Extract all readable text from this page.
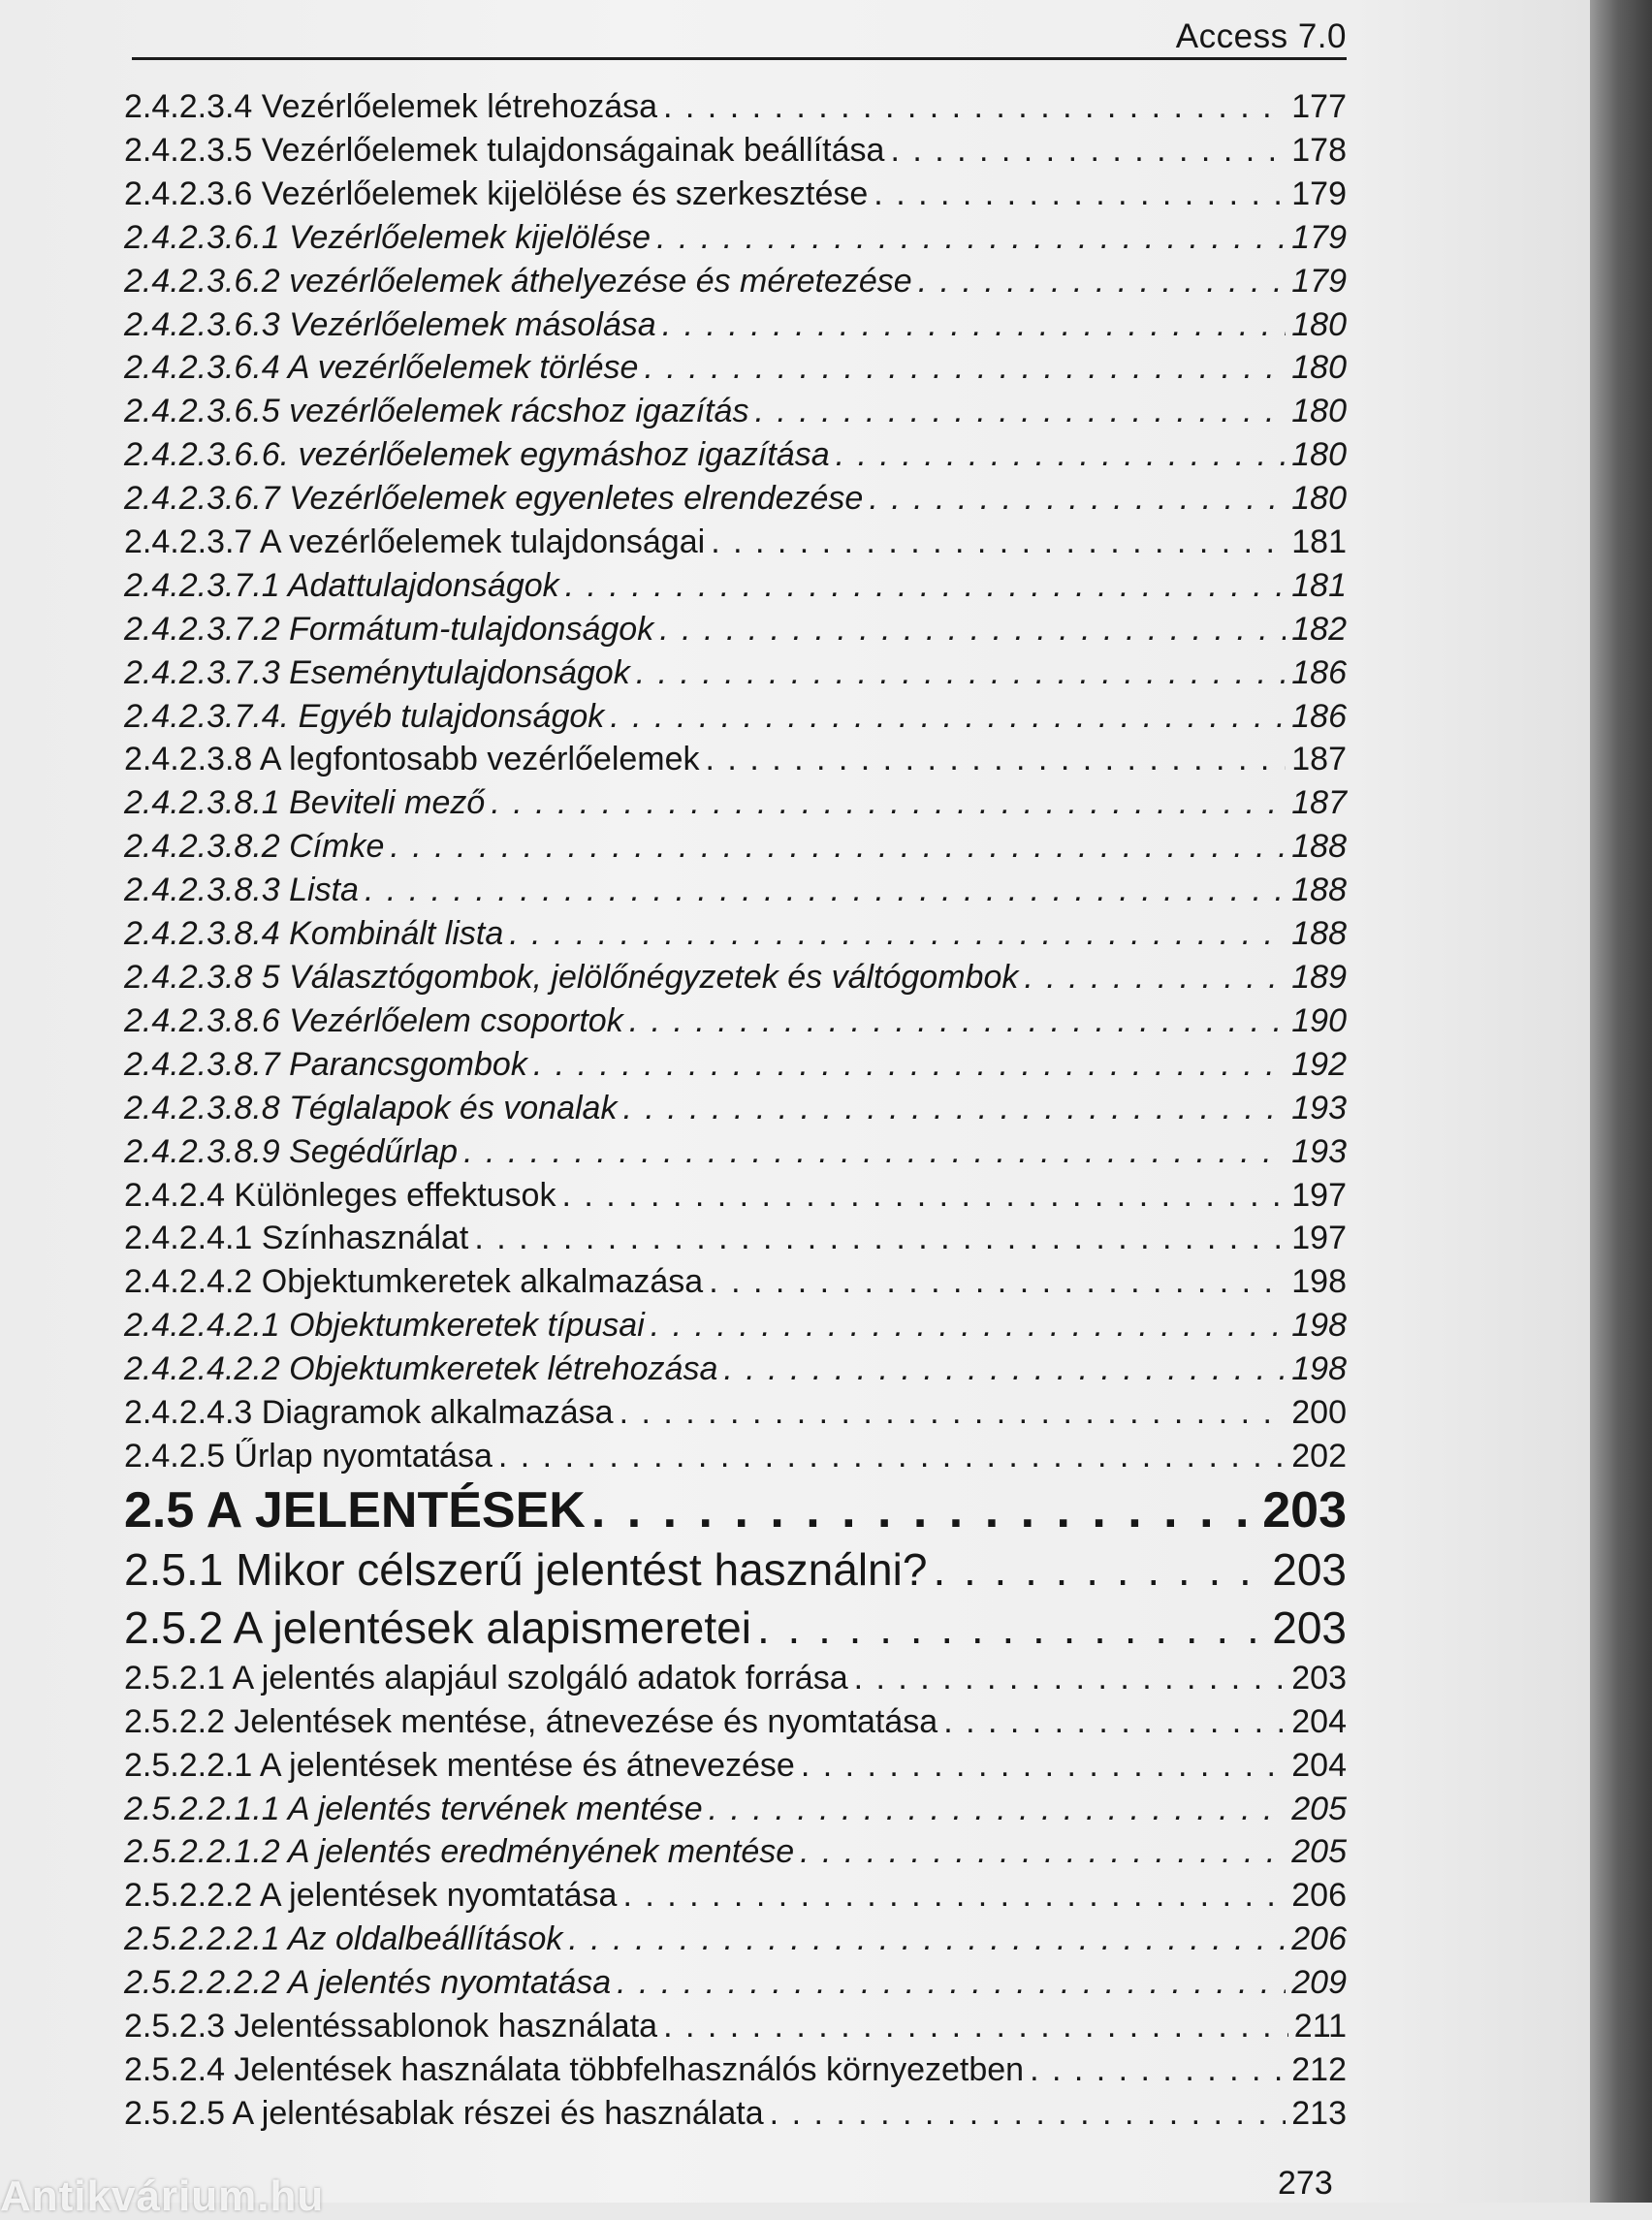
Access 7.0
2.4.2.3.4 Vezérlőelemek létrehozása . . .	177
2.4.2.3.5 Vezérlőelemek tulajdonságainak beállítása . . .	178
2.4.2.3.6 Vezérlőelemek kijelölése és szerkesztése . . .	179
2.4.2.3.6.1 Vezérlőelemek kijelölése . . .	179
2.4.2.3.6.2 vezérlőelemek áthelyezése és méretezése . . .	179
2.4.2.3.6.3 Vezérlőelemek másolása . . .	180
2.4.2.3.6.4 A vezérlőelemek törlése . . .	180
2.4.2.3.6.5 vezérlőelemek rácshoz igazítás . . .	180
2.4.2.3.6.6. vezérlőelemek egymáshoz igazítása . . .	180
2.4.2.3.6.7 Vezérlőelemek egyenletes elrendezése . . .	180
2.4.2.3.7 A vezérlőelemek tulajdonságai . . .	181
2.4.2.3.7.1 Adattulajdonságok . . .	181
2.4.2.3.7.2 Formátum-tulajdonságok . . .	182
2.4.2.3.7.3 Eseménytulajdonságok . . .	186
2.4.2.3.7.4. Egyéb tulajdonságok . . .	186
2.4.2.3.8 A legfontosabb vezérlőelemek . . .	187
2.4.2.3.8.1 Beviteli mező . . .	187
2.4.2.3.8.2 Címke . . .	188
2.4.2.3.8.3 Lista . . .	188
2.4.2.3.8.4 Kombinált lista . . .	188
2.4.2.3.8 5 Választógombok, jelölőnégyzetek és váltógombok . . .	189
2.4.2.3.8.6 Vezérlőelem csoportok . . .	190
2.4.2.3.8.7 Parancsgombok . . .	192
2.4.2.3.8.8 Téglalapok és vonalak . . .	193
2.4.2.3.8.9 Segédűrlap . . .	193
2.4.2.4 Különleges effektusok . . .	197
2.4.2.4.1 Színhasználat . . .	197
2.4.2.4.2 Objektumkeretek alkalmazása . . .	198
2.4.2.4.2.1 Objektumkeretek típusai . . .	198
2.4.2.4.2.2 Objektumkeretek létrehozása . . .	198
2.4.2.4.3 Diagramok alkalmazása . . .	200
2.4.2.5 Űrlap nyomtatása . . .	202
2.5 A JELENTÉSEK . . .	203
2.5.1 Mikor célszerű jelentést használni? . . .	203
2.5.2 A jelentések alapismeretei . . .	203
2.5.2.1 A jelentés alapjául szolgáló adatok forrása . . .	203
2.5.2.2 Jelentések mentése, átnevezése és nyomtatása . . .	204
2.5.2.2.1 A jelentések mentése és átnevezése . . .	204
2.5.2.2.1.1 A jelentés tervének mentése . . .	205
2.5.2.2.1.2 A jelentés eredményének mentése . . .	205
2.5.2.2.2 A jelentések nyomtatása . . .	206
2.5.2.2.2.1 Az oldalbeállítások . . .	206
2.5.2.2.2.2 A jelentés nyomtatása . . .	209
2.5.2.3 Jelentéssablonok használata . . .	211
2.5.2.4 Jelentések használata többfelhasználós környezetben . . .	212
2.5.2.5 A jelentésablak részei és használata . . .	213
273
Antikvárium.hu
